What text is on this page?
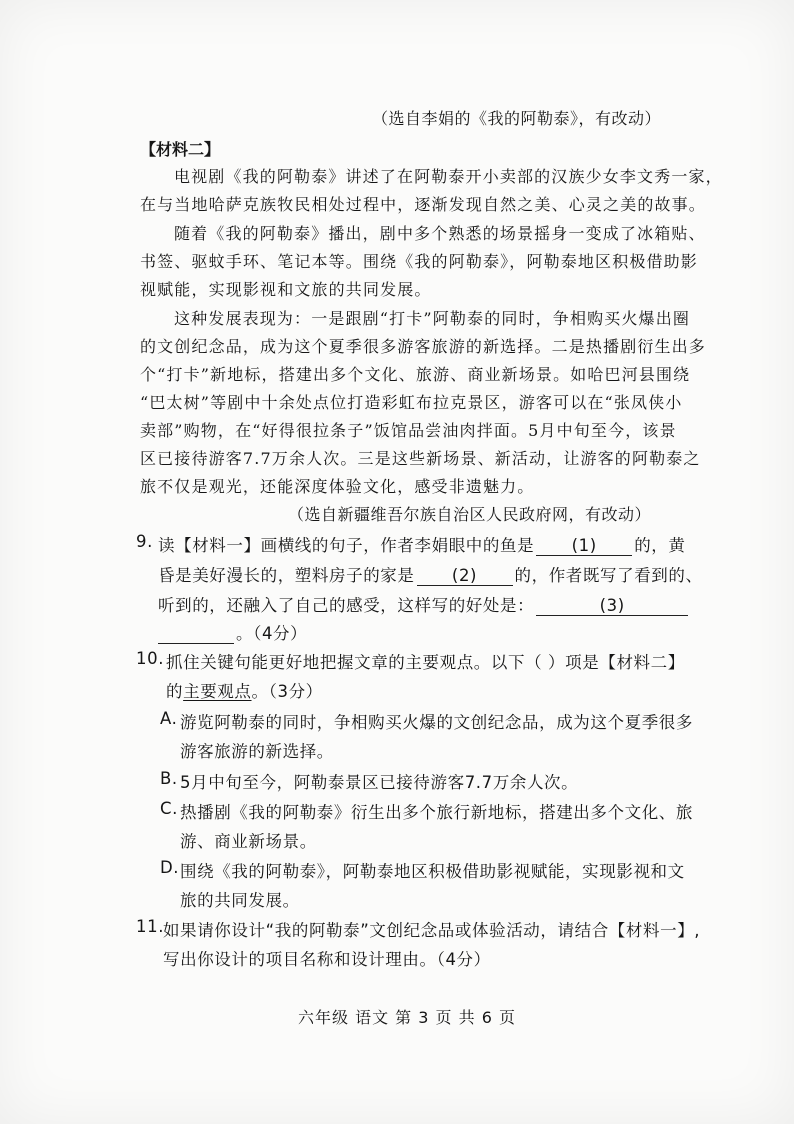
（选自李娟的《我的阿勒泰》，有改动）
【材料二】
电视剧《我的阿勒泰》讲述了在阿勒泰开小卖部的汉族少女李文秀一家，
在与当地哈萨克族牧民相处过程中，逐渐发现自然之美、心灵之美的故事。
随着《我的阿勒泰》播出，剧中多个熟悉的场景摇身一变成了冰箱贴、
书签、驱蚊手环、笔记本等。围绕《我的阿勒泰》，阿勒泰地区积极借助影
视赋能，实现影视和文旅的共同发展。
这种发展表现为：一是跟剧“打卡”阿勒泰的同时，争相购买火爆出圈
的文创纪念品，成为这个夏季很多游客旅游的新选择。二是热播剧衍生出多
个“打卡”新地标，搭建出多个文化、旅游、商业新场景。如哈巴河县围绕
“巴太树”等剧中十余处点位打造彩虹布拉克景区，游客可以在“张凤侠小
卖部”购物，在“好得很拉条子”饭馆品尝油肉拌面。5月中旬至今，该景
区已接待游客7.7万余人次。三是这些新场景、新活动，让游客的阿勒泰之
旅不仅是观光，还能深度体验文化，感受非遗魅力。
（选自新疆维吾尔族自治区人民政府网，有改动）
9. 读【材料一】画横线的句子，作者李娟眼中的鱼是 (1) 的，黄
昏是美好漫长的，塑料房子的家是 (2) 的，作者既写了看到的、
听到的，还融入了自己的感受，这样写的好处是：	(3)
。（4分）
10. 抓住关键句能更好地把握文章的主要观点。以下（ ）项是【材料二】
的主要观点。（3分）
A. 游览阿勒泰的同时，争相购买火爆的文创纪念品，成为这个夏季很多
游客旅游的新选择。
B. 5月中旬至今，阿勒泰景区已接待游客7.7万余人次。
C. 热播剧《我的阿勒泰》衍生出多个旅行新地标，搭建出多个文化、旅
游、商业新场景。
D. 围绕《我的阿勒泰》，阿勒泰地区积极借助影视赋能，实现影视和文
旅的共同发展。
11.
如果请你设计“我的阿勒泰”文创纪念品或体验活动，请结合【材料一】,
写出你设计的项目名称和设计理由。（4分）
六年级 语文 第 3 页 共 6 页
